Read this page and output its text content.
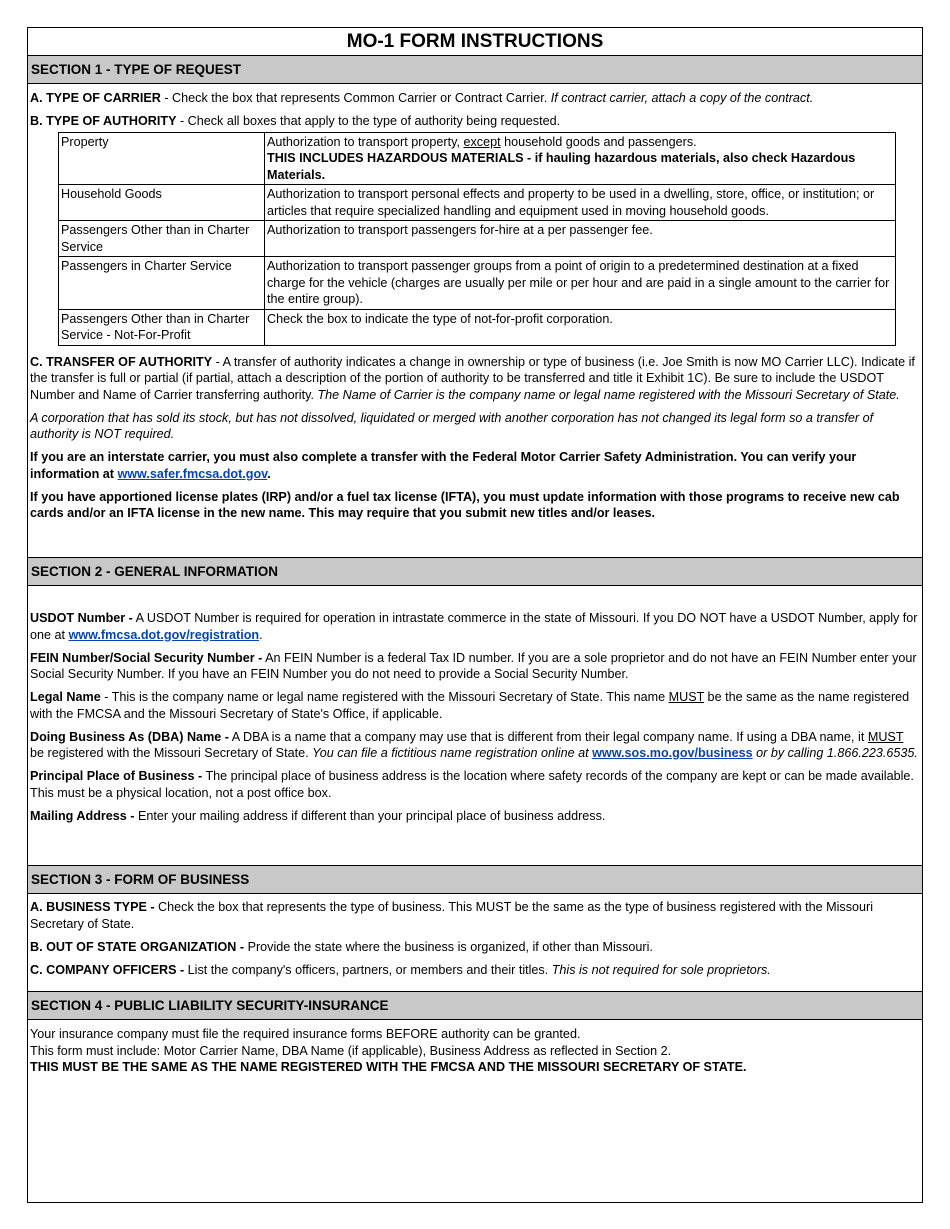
MO-1 FORM INSTRUCTIONS
SECTION 1 - TYPE OF REQUEST

A. TYPE OF CARRIER - Check the box that represents Common Carrier or Contract Carrier. If contract carrier, attach a copy of the contract.

B. TYPE OF AUTHORITY - Check all boxes that apply to the type of authority being requested.

Property	Authorization to transport property, except household goods and passengers.
THIS INCLUDES HAZARDOUS MATERIALS - if hauling hazardous materials, also check Hazardous Materials.
Household Goods	Authorization to transport personal effects and property to be used in a dwelling, store, office, or institution; or articles that require specialized handling and equipment used in moving household goods.
Passengers Other than in Charter Service	Authorization to transport passengers for-hire at a per passenger fee.
Passengers in Charter Service	Authorization to transport passenger groups from a point of origin to a predetermined destination at a fixed charge for the vehicle (charges are usually per mile or per hour and are paid in a single amount to the carrier for the entire group).
Passengers Other than in Charter Service - Not-For-Profit	Check the box to indicate the type of not-for-profit corporation.

C. TRANSFER OF AUTHORITY - A transfer of authority indicates a change in ownership or type of business (i.e. Joe Smith is now MO Carrier LLC). Indicate if the transfer is full or partial (if partial, attach a description of the portion of authority to be transferred and title it Exhibit 1C). Be sure to include the USDOT Number and Name of Carrier transferring authority. The Name of Carrier is the company name or legal name registered with the Missouri Secretary of State.

A corporation that has sold its stock, but has not dissolved, liquidated or merged with another corporation has not changed its legal form so a transfer of authority is NOT required.

If you are an interstate carrier, you must also complete a transfer with the Federal Motor Carrier Safety Administration. You can verify your information at www.safer.fmcsa.dot.gov.

If you have apportioned license plates (IRP) and/or a fuel tax license (IFTA), you must update information with those programs to receive new cab cards and/or an IFTA license in the new name. This may require that you submit new titles and/or leases.

SECTION 2 - GENERAL INFORMATION

USDOT Number - A USDOT Number is required for operation in intrastate commerce in the state of Missouri. If you DO NOT have a USDOT Number, apply for one at www.fmcsa.dot.gov/registration.

FEIN Number/Social Security Number - An FEIN Number is a federal Tax ID number. If you are a sole proprietor and do not have an FEIN Number enter your Social Security Number. If you have an FEIN Number you do not need to provide a Social Security Number.

Legal Name - This is the company name or legal name registered with the Missouri Secretary of State. This name MUST be the same as the name registered with the FMCSA and the Missouri Secretary of State's Office, if applicable.

Doing Business As (DBA) Name - A DBA is a name that a company may use that is different from their legal company name. If using a DBA name, it MUST be registered with the Missouri Secretary of State. You can file a fictitious name registration online at www.sos.mo.gov/business or by calling 1.866.223.6535.

Principal Place of Business - The principal place of business address is the location where safety records of the company are kept or can be made available. This must be a physical location, not a post office box.

Mailing Address - Enter your mailing address if different than your principal place of business address.

SECTION 3 - FORM OF BUSINESS

A. BUSINESS TYPE - Check the box that represents the type of business. This MUST be the same as the type of business registered with the Missouri Secretary of State.

B. OUT OF STATE ORGANIZATION - Provide the state where the business is organized, if other than Missouri.

C. COMPANY OFFICERS - List the company's officers, partners, or members and their titles. This is not required for sole proprietors.

SECTION 4 - PUBLIC LIABILITY SECURITY-INSURANCE
Your insurance company must file the required insurance forms BEFORE authority can be granted.
This form must include: Motor Carrier Name, DBA Name (if applicable), Business Address as reflected in Section 2.
THIS MUST BE THE SAME AS THE NAME REGISTERED WITH THE FMCSA AND THE MISSOURI SECRETARY OF STATE.
